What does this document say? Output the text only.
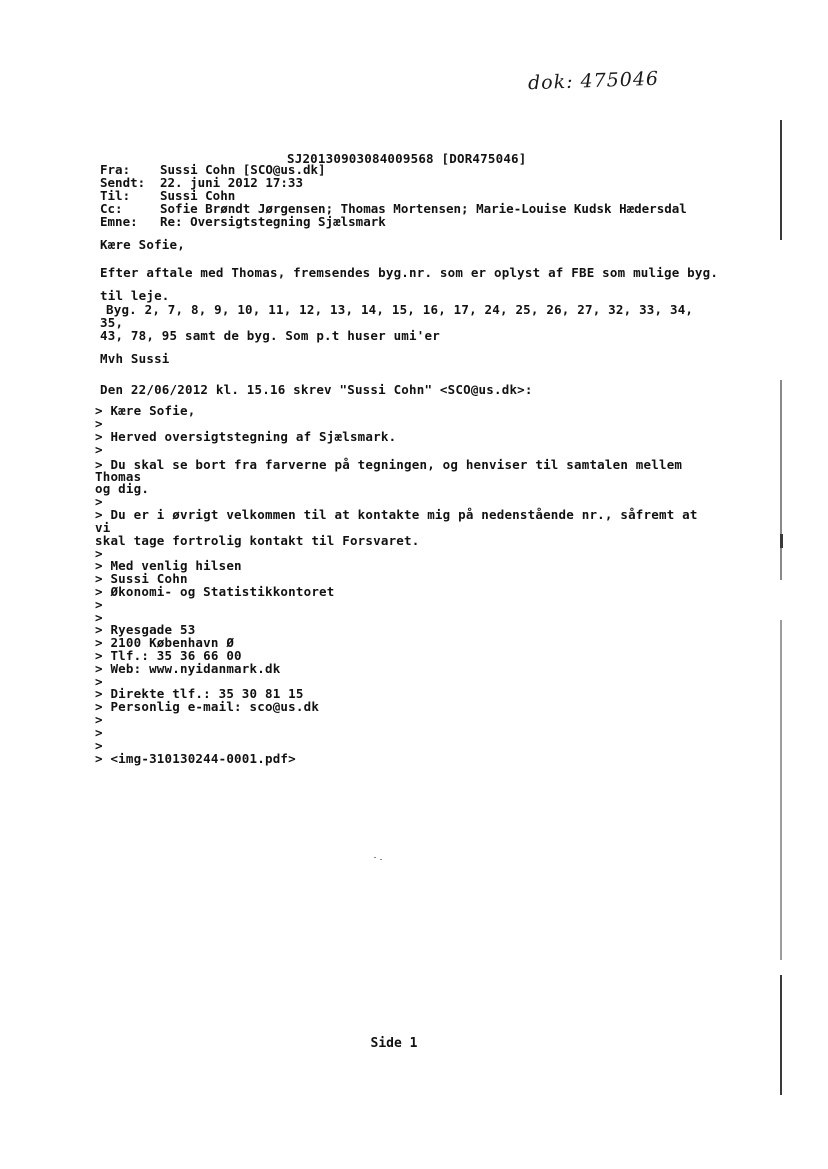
dok: 475046
SJ20130903084009568 [DOR475046]
Fra: Sussi Cohn [SCO@us.dk]
Sendt: 22. juni 2012 17:33
Til: Sussi Cohn
Cc:	Sofie Brøndt Jørgensen; Thomas Mortensen; Marie-Louise Kudsk Hædersdal
Emne: Re: Oversigtstegning Sjælsmark
Kære Sofie,
Efter aftale med Thomas, fremsendes byg.nr. som er oplyst af FBE som mulige byg.
til leje.
Byg. 2, 7, 8, 9, 10, 11, 12, 13, 14, 15, 16, 17, 24, 25, 26, 27, 32, 33, 34,
35,
43, 78, 95 samt de byg. Som p.t huser umi'er
Mvh Sussi
Den 22/06/2012 kl. 15.16 skrev "Sussi Cohn" <SCO@us.dk>:
> Kære Sofie,
>
> Herved oversigtstegning af Sjælsmark.
>
> Du skal se bort fra farverne på tegningen, og henviser til samtalen mellem
Thomas
og dig.
>
> Du er i øvrigt velkommen til at kontakte mig på nedenstående nr., såfremt at
vi
skal tage fortrolig kontakt til Forsvaret.
>
> Med venlig hilsen
> Sussi Cohn
> Økonomi- og Statistikkontoret
>
>
> Ryesgade 53
> 2100 København Ø
> Tlf.: 35 36 66 00
> Web: www.nyidanmark.dk
>
> Direkte tlf.: 35 30 81 15
> Personlig e-mail: sco@us.dk
>
>
>
> <img-310130244-0001.pdf>
Side 1
